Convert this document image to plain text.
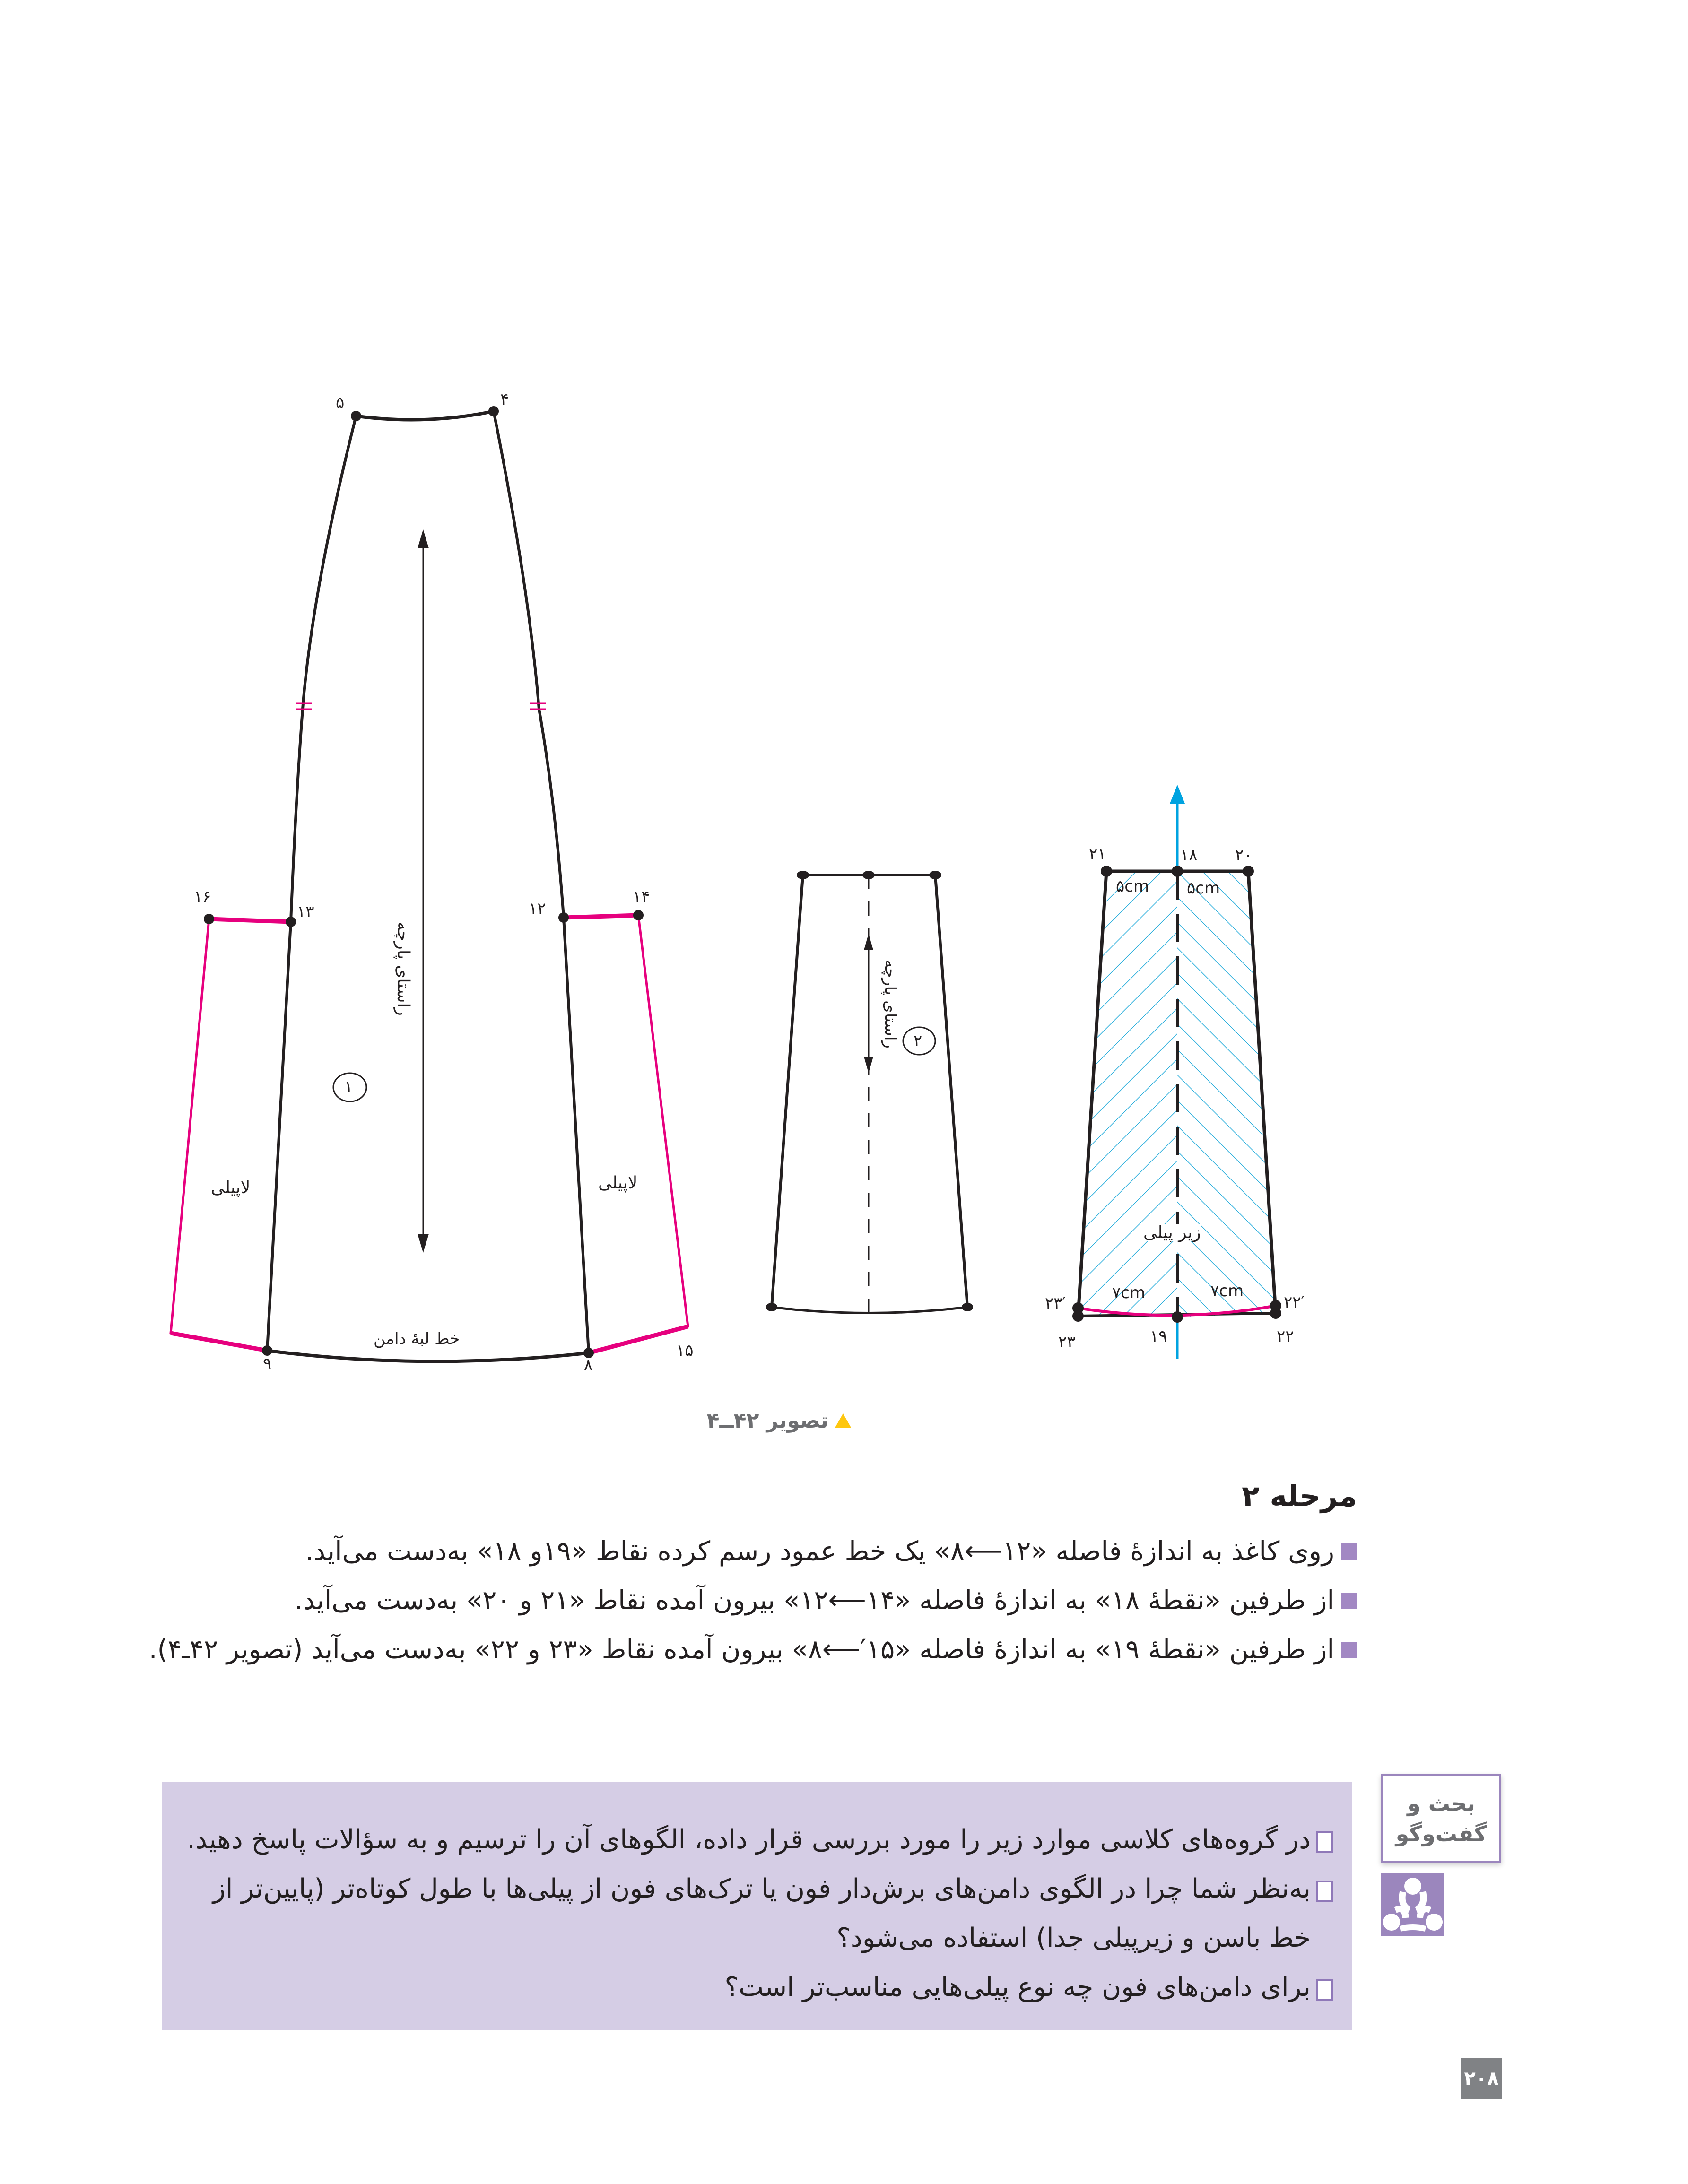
۵	۴
۱۶
۱۳	۱۲
۱۴
۹	۸
۱۵
۱
لاپیلی	لاپیلی
خط لبهٔ دامن
راستای پارچه	راستای پارچه ۲
۲۱	۱۸ ۲۰
۵cm ۵cm
زیر پیلی
۷cm	۷cm
۲۳′	۲۲′
۲۳	۱۹	۲۲
تصویر ۴۲ــ۴
مرحله ۲
روی کاغذ به اندازهٔ فاصله «۱۲⟵۸» یک خط عمود رسم کرده نقاط «۱۹و ۱۸» به‌دست می‌آید.
از طرفین «نقطهٔ ۱۸» به اندازهٔ فاصله «۱۴⟵۱۲» بیرون آمده نقاط «۲۱ و ۲۰» به‌دست می‌آید.
از طرفین «نقطهٔ ۱۹» به اندازهٔ فاصله «۱۵′⟵۸» بیرون آمده نقاط «۲۳ و ۲۲» به‌دست می‌آید (تصویر ۴۲ـ۴).
در گروه‌های کلاسی موارد زیر را مورد بررسی قرار داده، الگوهای آن را ترسیم و به سؤالات پاسخ دهید.
به‌نظر شما چرا در الگوی دامن‌های برش‌دار فون یا ترک‌های فون از پیلی‌ها با طول کوتاه‌تر (پایین‌تر از خط باسن و زیرپیلی جدا) استفاده می‌شود؟
برای دامن‌های فون چه نوع پیلی‌هایی مناسب‌تر است؟
بحث و
گفت‌وگو
۲۰۸
